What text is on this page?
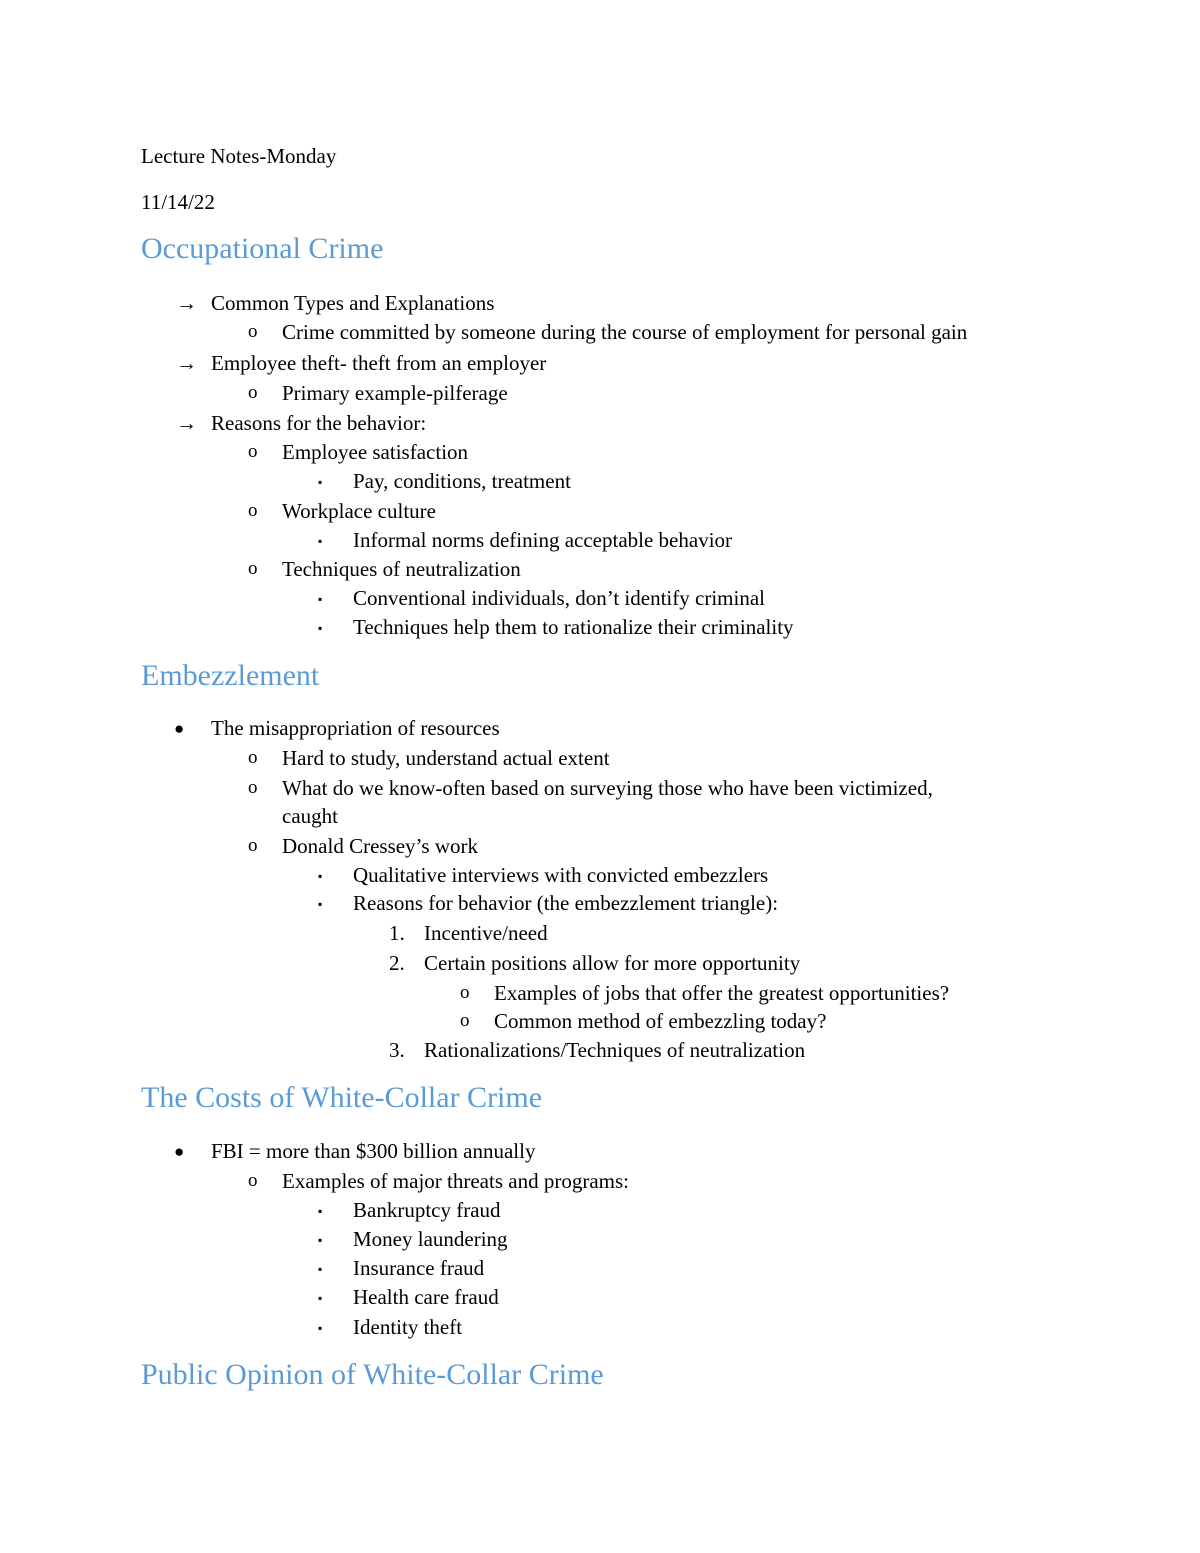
Lecture Notes-Monday
11/14/22
Occupational Crime
→ Common Types and Explanations
o Crime committed by someone during the course of employment for personal gain
→ Employee theft- theft from an employer
o Primary example-pilferage
→ Reasons for the behavior:
o Employee satisfaction
▪ Pay, conditions, treatment
o Workplace culture
▪ Informal norms defining acceptable behavior
o Techniques of neutralization
▪ Conventional individuals, don’t identify criminal
▪ Techniques help them to rationalize their criminality
Embezzlement
● The misappropriation of resources
o Hard to study, understand actual extent
o What do we know-often based on surveying those who have been victimized,
caught
o Donald Cressey’s work
▪ Qualitative interviews with convicted embezzlers
▪ Reasons for behavior (the embezzlement triangle):
1. Incentive/need
2. Certain positions allow for more opportunity
o Examples of jobs that offer the greatest opportunities?
o Common method of embezzling today?
3. Rationalizations/Techniques of neutralization
The Costs of White-Collar Crime
● FBI = more than $300 billion annually
o Examples of major threats and programs:
▪ Bankruptcy fraud
▪ Money laundering
▪ Insurance fraud
▪ Health care fraud
▪ Identity theft
Public Opinion of White-Collar Crime
